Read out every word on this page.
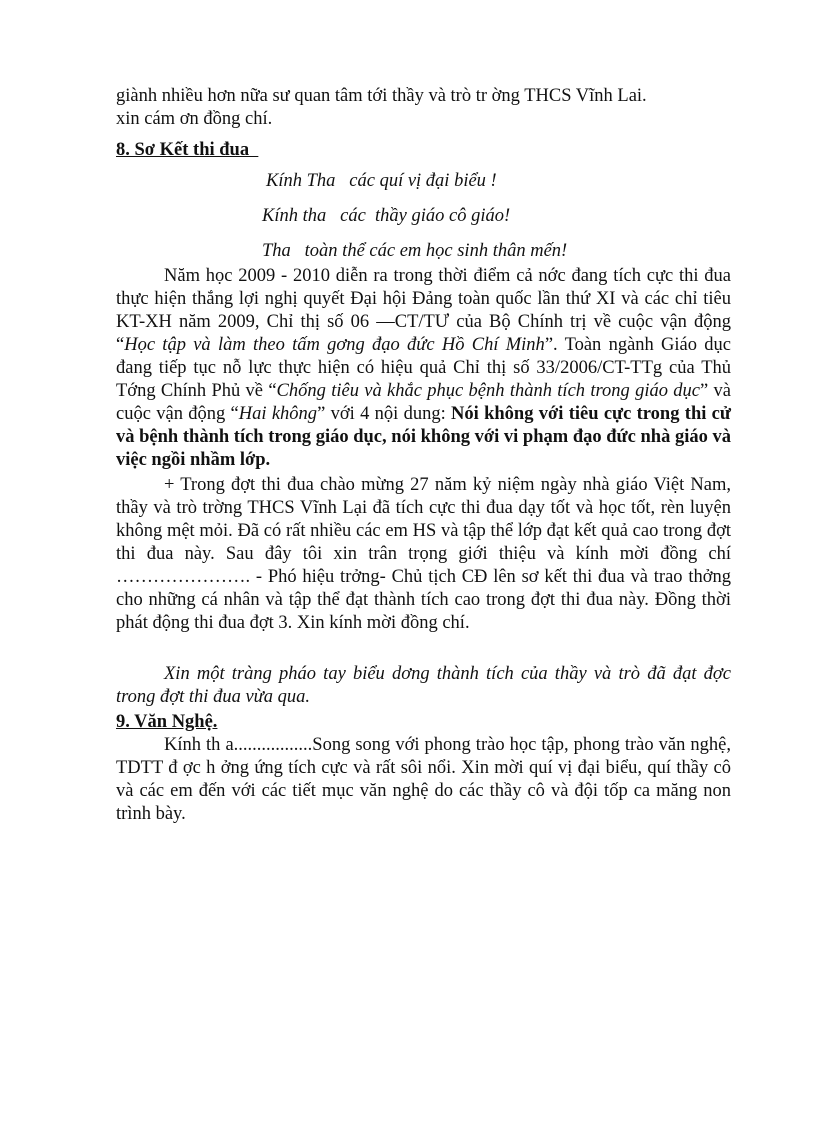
giành nhiều hơn nữa sư quan tâm tới thầy và trò tr ờng THCS Vĩnh Lai.

xin cám ơn đồng chí.

8. Sơ Kết thi đua

Kính Tha   các quí vị đại biểu !

Kính tha   các  thầy giáo cô giáo!

Tha   toàn thể các em học sinh thân mến!

Năm học 2009 - 2010 diễn ra trong thời điểm cả nớc đang tích cực thi đua thực hiện thắng lợi nghị quyết Đại hội Đảng toàn quốc lần thứ XI và các chỉ tiêu KT-XH năm 2009, Chỉ thị số 06 —CT/TƯ của Bộ Chính trị về cuộc vận động “Học tập và làm theo tấm gơng đạo đức Hồ Chí Minh”. Toàn ngành Giáo dục đang tiếp tục nỗ lực thực hiện có hiệu quả Chỉ thị số 33/2006/CT-TTg của Thủ Tớng Chính Phủ về “Chống tiêu và khắc phục bệnh thành tích trong giáo dục” và cuộc vận động “Hai không” với 4 nội dung: Nói không với tiêu cực trong thi cử và bệnh thành tích trong giáo dục, nói không với vi phạm đạo đức nhà giáo và việc ngồi nhầm lớp.

+ Trong đợt thi đua chào mừng 27 năm kỷ niệm ngày nhà giáo Việt Nam, thầy và trò trờng THCS Vĩnh Lại đã tích cực thi đua dạy tốt và học tốt, rèn luyện không mệt mỏi. Đã có rất nhiều các em HS và tập thể lớp đạt kết quả cao trong đợt thi đua này. Sau đây tôi xin trân trọng giới thiệu và kính mời đồng chí …………………. - Phó hiệu trởng- Chủ tịch CĐ lên sơ kết thi đua và trao thởng cho những cá nhân và tập thể đạt thành tích cao trong đợt thi đua này. Đồng thời phát động thi đua đợt 3. Xin kính mời đồng chí.

Xin một tràng pháo tay biểu dơng thành tích của thầy và trò đã đạt đợc trong đợt thi đua vừa qua.

9. Văn Nghệ.

Kính th a.................Song song với phong trào học tập, phong trào văn nghệ, TDTT đ ợc h ởng ứng tích cực và rất sôi nổi. Xin mời quí vị đại biểu, quí thầy cô và các em đến với các tiết mục văn nghệ do các thầy cô và đội tốp ca măng non trình bày.
